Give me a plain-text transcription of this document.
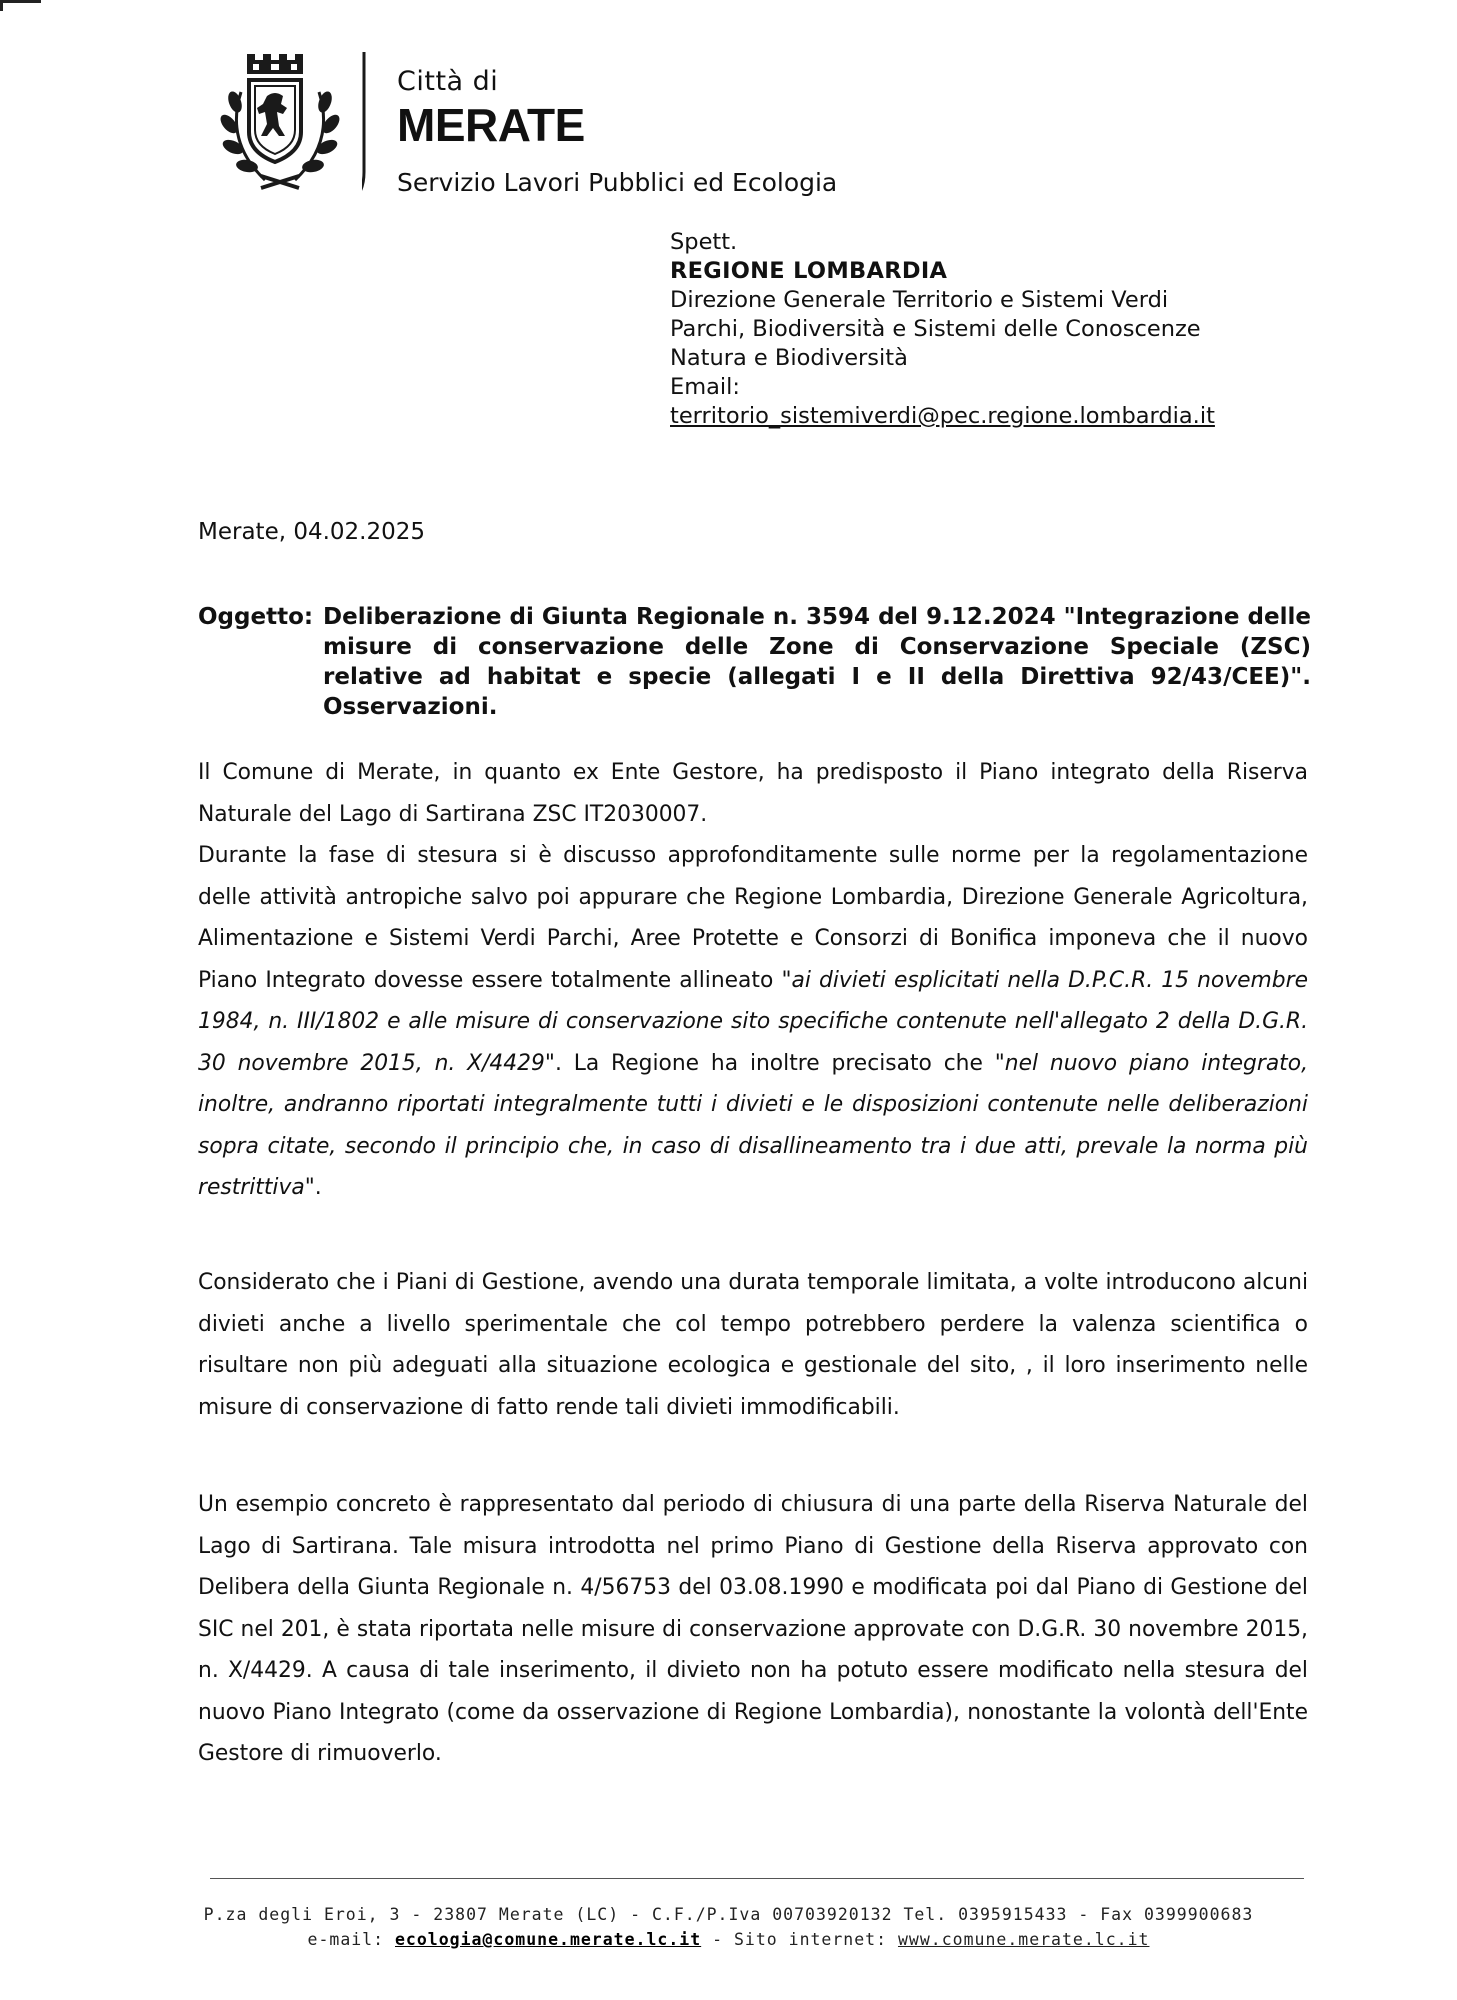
Città di
MERATE
Servizio Lavori Pubblici ed Ecologia
Spett.
REGIONE LOMBARDIA
Direzione Generale Territorio e Sistemi Verdi
Parchi, Biodiversità e Sistemi delle Conoscenze
Natura e Biodiversità
Email:
territorio_sistemiverdi@pec.regione.lombardia.it
Merate, 04.02.2025
Oggetto: Deliberazione di Giunta Regionale n. 3594 del 9.12.2024 "Integrazione delle misure di conservazione delle Zone di Conservazione Speciale (ZSC) relative ad habitat e specie (allegati I e II della Direttiva 92/43/CEE)". Osservazioni.
Il Comune di Merate, in quanto ex Ente Gestore, ha predisposto il Piano integrato della Riserva Naturale del Lago di Sartirana ZSC IT2030007.
Durante la fase di stesura si è discusso approfonditamente sulle norme per la regolamentazione delle attività antropiche salvo poi appurare che Regione Lombardia, Direzione Generale Agricoltura, Alimentazione e Sistemi Verdi Parchi, Aree Protette e Consorzi di Bonifica imponeva che il nuovo Piano Integrato dovesse essere totalmente allineato "ai divieti esplicitati nella D.P.C.R. 15 novembre 1984, n. III/1802 e alle misure di conservazione sito specifiche contenute nell'allegato 2 della D.G.R. 30 novembre 2015, n. X/4429". La Regione ha inoltre precisato che "nel nuovo piano integrato, inoltre, andranno riportati integralmente tutti i divieti e le disposizioni contenute nelle deliberazioni sopra citate, secondo il principio che, in caso di disallineamento tra i due atti, prevale la norma più restrittiva".
Considerato che i Piani di Gestione, avendo una durata temporale limitata, a volte introducono alcuni divieti anche a livello sperimentale che col tempo potrebbero perdere la valenza scientifica o risultare non più adeguati alla situazione ecologica e gestionale del sito, , il loro inserimento nelle misure di conservazione di fatto rende tali divieti immodificabili.
Un esempio concreto è rappresentato dal periodo di chiusura di una parte della Riserva Naturale del Lago di Sartirana. Tale misura introdotta nel primo Piano di Gestione della Riserva approvato con Delibera della Giunta Regionale n. 4/56753 del 03.08.1990 e modificata poi dal Piano di Gestione del SIC nel 201, è stata riportata nelle misure di conservazione approvate con D.G.R. 30 novembre 2015, n. X/4429. A causa di tale inserimento, il divieto non ha potuto essere modificato nella stesura del nuovo Piano Integrato (come da osservazione di Regione Lombardia), nonostante la volontà dell'Ente Gestore di rimuoverlo.
P.za degli Eroi, 3 - 23807 Merate (LC) - C.F./P.Iva 00703920132 Tel. 0395915433 - Fax 0399900683
e-mail: ecologia@comune.merate.lc.it - Sito internet: www.comune.merate.lc.it
